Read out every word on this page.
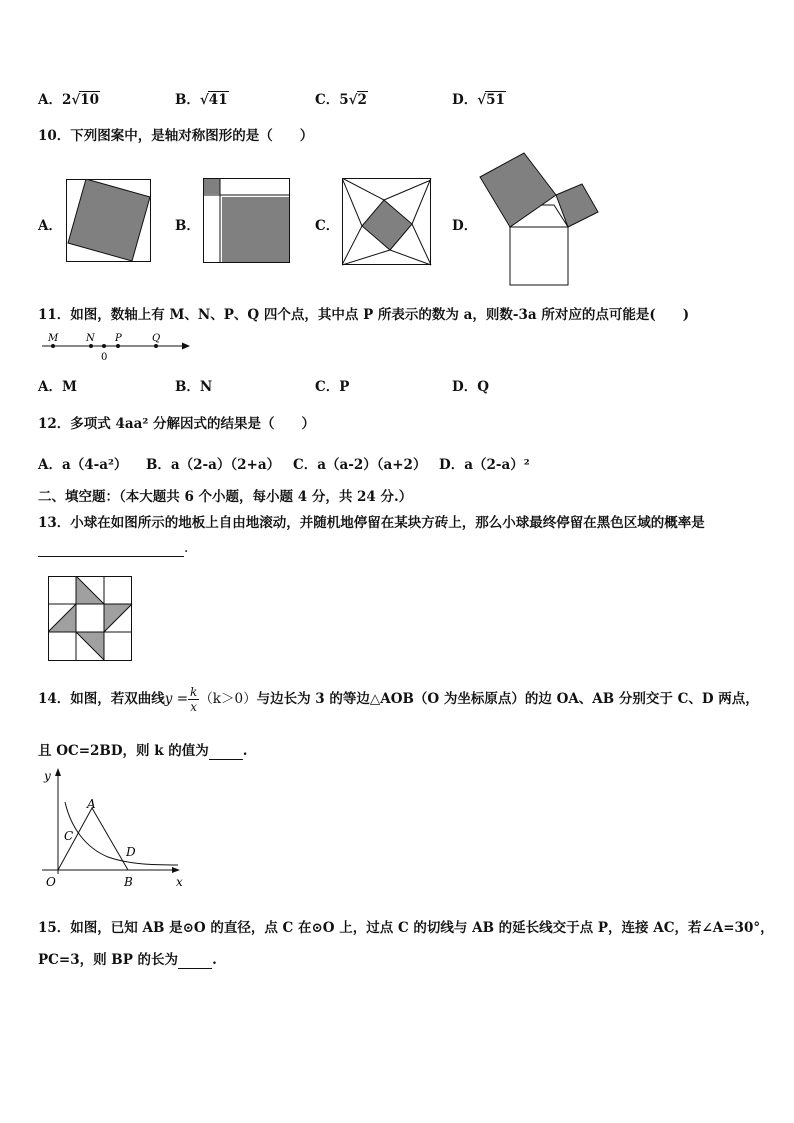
A．2√10	B．√41	C．5√2	D．√51
10．下列图案中，是轴对称图形的是（　　）
A．	B．	C．	D．
11．如图，数轴上有 M、N、P、Q 四个点，其中点 P 所表示的数为 a，则数-3a 所对应的点可能是(　　)
M	N P	Q
0
A．M	B．N	C．P	D．Q
12．多项式 4aa² 分解因式的结果是（　　）
A．a（4-a²） B．a（2-a）（2+a） C．a（a-2）（a+2） D．a（2-a）²
二、填空题：（本大题共 6 个小题，每小题 4 分，共 24 分.）
13．小球在如图所示的地板上自由地滚动，并随机地停留在某块方砖上，那么小球最终停留在黑色区域的概率是
.
14．如图，若双曲线$y = \frac{k}{x} (k>0)$与边长为 3 的等边△AOB（O 为坐标原点）的边 OA、AB 分别交于 C、D 两点，
且 OC=2BD，则 k 的值为	.
y
x
O
A
B
C
D
15．如图，已知 AB 是⊙O 的直径，点 C 在⊙O 上，过点 C 的切线与 AB 的延长线交于点 P，连接 AC，若∠A=30°，
PC=3，则 BP 的长为	.
